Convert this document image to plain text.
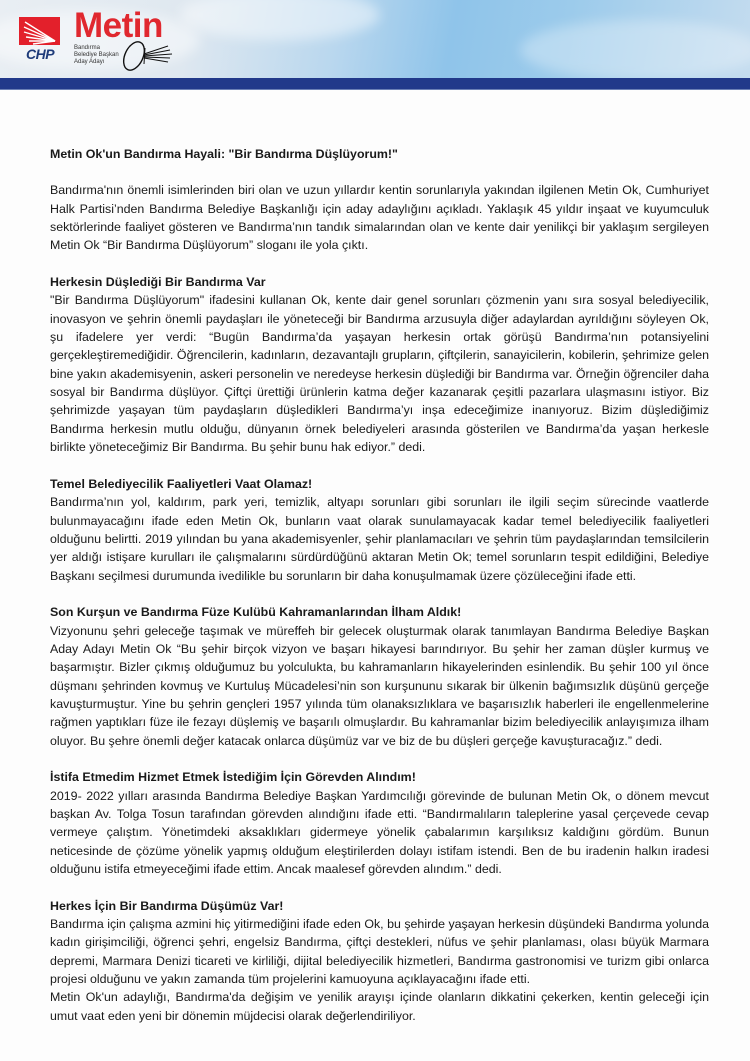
CHP
Metin
Bandırma
Belediye Başkan
Aday Adayı

Metin Ok'un Bandırma Hayali: "Bir Bandırma Düşlüyorum!"

Bandırma'nın önemli isimlerinden biri olan ve uzun yıllardır kentin sorunlarıyla yakından ilgilenen Metin Ok, Cumhuriyet Halk Partisi’nden Bandırma Belediye Başkanlığı için aday adaylığını açıkladı. Yaklaşık 45 yıldır inşaat ve kuyumculuk sektörlerinde faaliyet gösteren ve Bandırma’nın tandık simalarından olan ve kente dair yenilikçi bir yaklaşım sergileyen Metin Ok “Bir Bandırma Düşlüyorum” sloganı ile yola çıktı.

Herkesin Düşlediği Bir Bandırma Var

"Bir Bandırma Düşlüyorum" ifadesini kullanan Ok, kente dair genel sorunları çözmenin yanı sıra sosyal belediyecilik, inovasyon ve şehrin önemli paydaşları ile yöneteceği bir Bandırma arzusuyla diğer adaylardan ayrıldığını söyleyen Ok, şu ifadelere yer verdi: “Bugün Bandırma’da yaşayan herkesin ortak görüşü Bandırma’nın potansiyelini gerçekleştiremediğidir. Öğrencilerin, kadınların, dezavantajlı grupların, çiftçilerin, sanayicilerin, kobilerin, şehrimize gelen bine yakın akademisyenin, askeri personelin ve neredeyse herkesin düşlediği bir Bandırma var. Örneğin öğrenciler daha sosyal bir Bandırma düşlüyor. Çiftçi ürettiği ürünlerin katma değer kazanarak çeşitli pazarlara ulaşmasını istiyor. Biz şehrimizde yaşayan tüm paydaşların düşledikleri Bandırma’yı inşa edeceğimize inanıyoruz. Bizim düşlediğimiz Bandırma herkesin mutlu olduğu, dünyanın örnek belediyeleri arasında gösterilen ve Bandırma’da yaşan herkesle birlikte yöneteceğimiz Bir Bandırma. Bu şehir bunu hak ediyor.” dedi.

Temel Belediyecilik Faaliyetleri Vaat Olamaz!

Bandırma’nın yol, kaldırım, park yeri, temizlik, altyapı sorunları gibi sorunları ile ilgili seçim sürecinde vaatlerde bulunmayacağını ifade eden Metin Ok, bunların vaat olarak sunulamayacak kadar temel belediyecilik faaliyetleri olduğunu belirtti. 2019 yılından bu yana akademisyenler, şehir planlamacıları ve şehrin tüm paydaşlarından temsilcilerin yer aldığı istişare kurulları ile çalışmalarını sürdürdüğünü aktaran Metin Ok; temel sorunların tespit edildiğini, Belediye Başkanı seçilmesi durumunda ivedilikle bu sorunların bir daha konuşulmamak üzere çözüleceğini ifade etti.

Son Kurşun ve Bandırma Füze Kulübü Kahramanlarından İlham Aldık!

Vizyonunu şehri geleceğe taşımak ve müreffeh bir gelecek oluşturmak olarak tanımlayan Bandırma Belediye Başkan Aday Adayı Metin Ok “Bu şehir birçok vizyon ve başarı hikayesi barındırıyor. Bu şehir her zaman düşler kurmuş ve başarmıştır. Bizler çıkmış olduğumuz bu yolculukta, bu kahramanların hikayelerinden esinlendik. Bu şehir 100 yıl önce düşmanı şehrinden kovmuş ve Kurtuluş Mücadelesi’nin son kurşununu sıkarak bir ülkenin bağımsızlık düşünü gerçeğe kavuşturmuştur. Yine bu şehrin gençleri 1957 yılında tüm olanaksızlıklara ve başarısızlık haberleri ile engellenmelerine rağmen yaptıkları füze ile fezayı düşlemiş ve başarılı olmuşlardır. Bu kahramanlar bizim belediyecilik anlayışımıza ilham oluyor. Bu şehre önemli değer katacak onlarca düşümüz var ve biz de bu düşleri gerçeğe kavuşturacağız.” dedi.

İstifa Etmedim Hizmet Etmek İstediğim İçin Görevden Alındım!

2019- 2022 yılları arasında Bandırma Belediye Başkan Yardımcılığı görevinde de bulunan Metin Ok, o dönem mevcut başkan Av. Tolga Tosun tarafından görevden alındığını ifade etti. “Bandırmalıların taleplerine yasal çerçevede cevap vermeye çalıştım. Yönetimdeki aksaklıkları gidermeye yönelik çabalarımın karşılıksız kaldığını gördüm. Bunun neticesinde de çözüme yönelik yapmış olduğum eleştirilerden dolayı istifam istendi. Ben de bu iradenin halkın iradesi olduğunu istifa etmeyeceğimi ifade ettim. Ancak maalesef görevden alındım.” dedi.

Herkes İçin Bir Bandırma Düşümüz Var!

Bandırma için çalışma azmini hiç yitirmediğini ifade eden Ok, bu şehirde yaşayan herkesin düşündeki Bandırma yolunda kadın girişimciliği, öğrenci şehri, engelsiz Bandırma, çiftçi destekleri, nüfus ve şehir planlaması, olası büyük Marmara depremi, Marmara Denizi ticareti ve kirliliği, dijital belediyecilik hizmetleri, Bandırma gastronomisi ve turizm gibi onlarca projesi olduğunu ve yakın zamanda tüm projelerini kamuoyuna açıklayacağını ifade etti.

Metin Ok'un adaylığı, Bandırma'da değişim ve yenilik arayışı içinde olanların dikkatini çekerken, kentin geleceği için umut vaat eden yeni bir dönemin müjdecisi olarak değerlendiriliyor.
